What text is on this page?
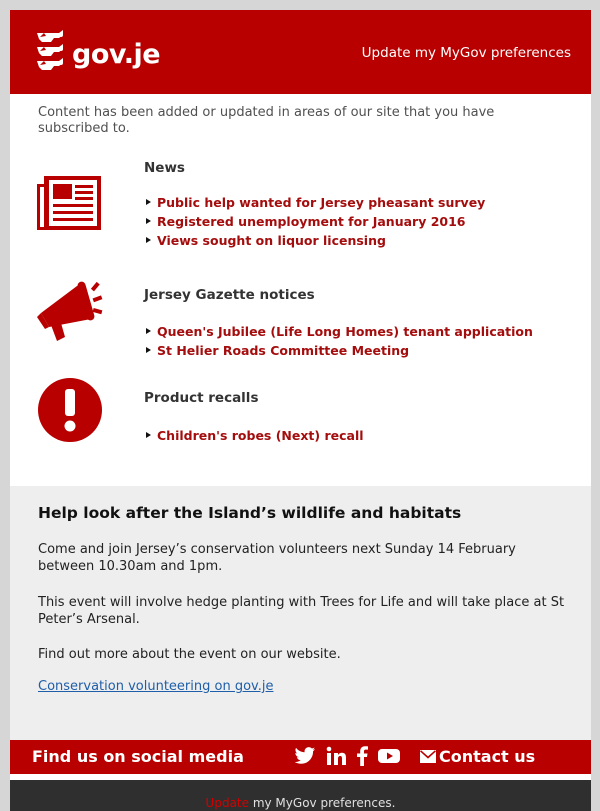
gov.je	Update my MyGov preferences

Content has been added or updated in areas of our site that you have subscribed to.

News
Public help wanted for Jersey pheasant survey
Registered unemployment for January 2016
Views sought on liquor licensing
Jersey Gazette notices
Queen's Jubilee (Life Long Homes) tenant application
St Helier Roads Committee Meeting
Product recalls
Children's robes (Next) recall
Help look after the Island’s wildlife and habitats

Come and join Jersey’s conservation volunteers next Sunday 14 February between 10.30am and 1pm.

This event will involve hedge planting with Trees for Life and will take place at St Peter’s Arsenal.

Find out more about the event on our website.

Conservation volunteering on gov.je
Find us on social media	Contact us
Update my MyGov preferences.
